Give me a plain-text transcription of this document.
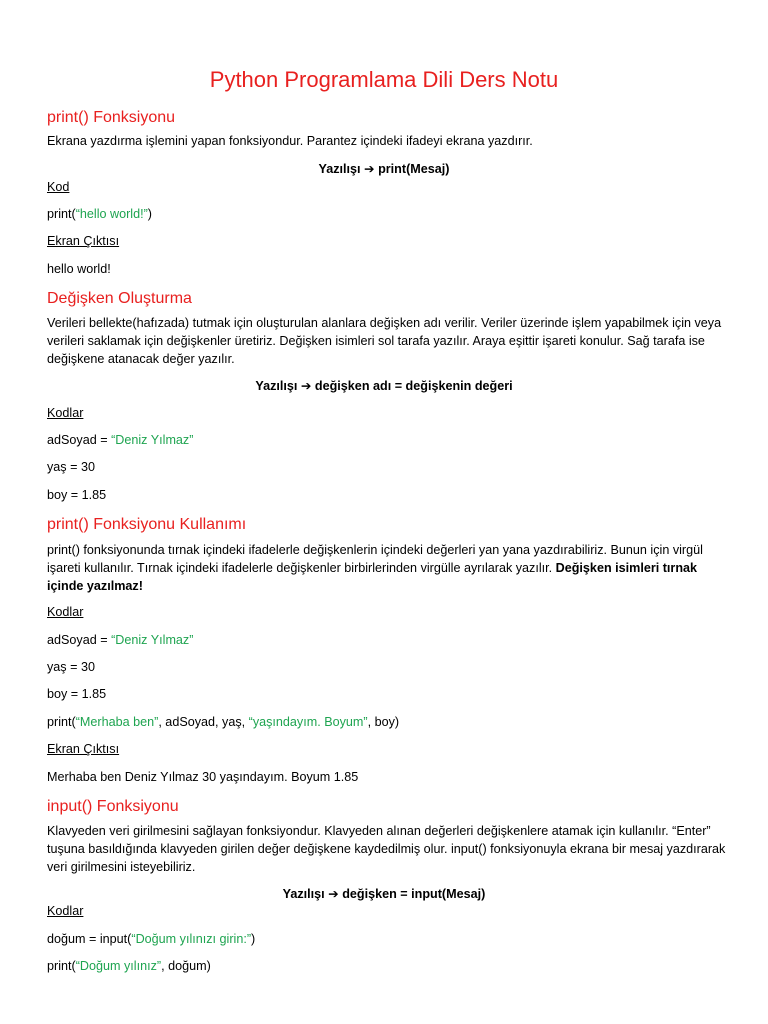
Python Programlama Dili Ders Notu
print() Fonksiyonu
Ekrana yazdırma işlemini yapan fonksiyondur. Parantez içindeki ifadeyi ekrana yazdırır.
Yazılışı ➔ print(Mesaj)
Kod
print(“hello world!”)
Ekran Çıktısı
hello world!
Değişken Oluşturma
Verileri bellekte(hafızada) tutmak için oluşturulan alanlara değişken adı verilir. Veriler üzerinde işlem yapabilmek için veya verileri saklamak için değişkenler üretiriz. Değişken isimleri sol tarafa yazılır. Araya eşittir işareti konulur. Sağ tarafa ise değişkene atanacak değer yazılır.
Yazılışı ➔ değişken adı = değişkenin değeri
Kodlar
adSoyad = “Deniz Yılmaz”
yaş = 30
boy = 1.85
print() Fonksiyonu Kullanımı
print() fonksiyonunda tırnak içindeki ifadelerle değişkenlerin içindeki değerleri yan yana yazdırabiliriz. Bunun için virgül işareti kullanılır. Tırnak içindeki ifadelerle değişkenler birbirlerinden virgülle ayrılarak yazılır. Değişken isimleri tırnak içinde yazılmaz!
Kodlar
adSoyad = “Deniz Yılmaz”
yaş = 30
boy = 1.85
print(“Merhaba ben”, adSoyad, yaş, “yaşındayım. Boyum”, boy)
Ekran Çıktısı
Merhaba ben Deniz Yılmaz 30 yaşındayım. Boyum 1.85
input() Fonksiyonu
Klavyeden veri girilmesini sağlayan fonksiyondur. Klavyeden alınan değerleri değişkenlere atamak için kullanılır. “Enter” tuşuna basıldığında klavyeden girilen değer değişkene kaydedilmiş olur. input() fonksiyonuyla ekrana bir mesaj yazdırarak veri girilmesini isteyebiliriz.
Yazılışı ➔ değişken = input(Mesaj)
Kodlar
doğum = input(“Doğum yılınızı girin:”)
print(“Doğum yılınız”, doğum)
